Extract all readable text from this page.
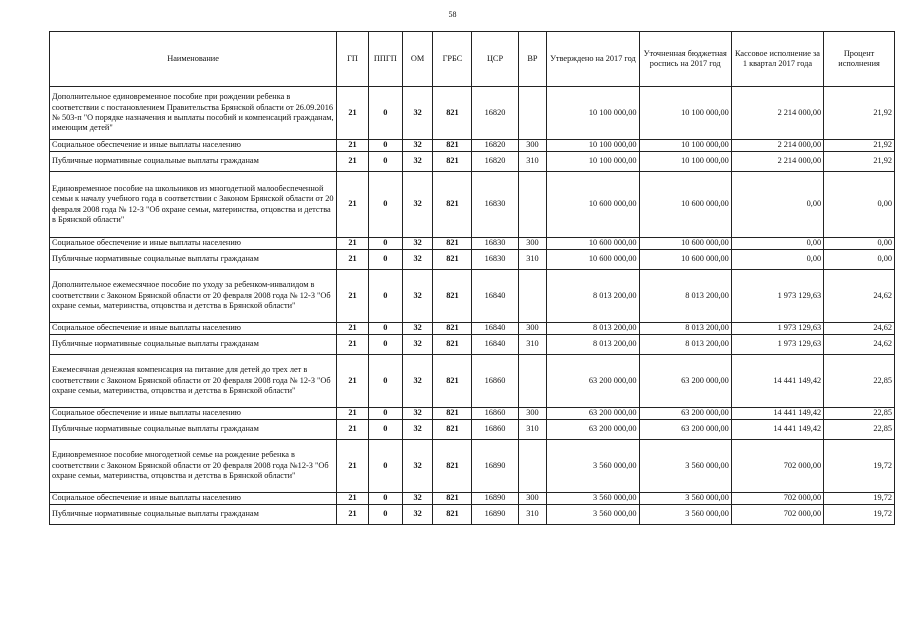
58
Наименование	ГП	ППГП	ОМ	ГРБС	ЦСР	ВР	Утверждено на 2017 год	Уточненная бюджетная роспись на 2017 год	Кассовое исполнение за 1 квартал 2017 года	Процент исполнения
Дополнительное единовременное пособие при рождении ребенка в соответствии с постановлением Правительства Брянской области от 26.09.2016 № 503-п "О порядке назначения и выплаты пособий и компенсаций гражданам, имеющим детей"	21	0	32	821	16820		10 100 000,00	10 100 000,00	2 214 000,00	21,92
Социальное обеспечение и иные выплаты населению	21	0	32	821	16820	300	10 100 000,00	10 100 000,00	2 214 000,00	21,92
Публичные нормативные социальные выплаты гражданам	21	0	32	821	16820	310	10 100 000,00	10 100 000,00	2 214 000,00	21,92
Единовременное пособие на школьников из многодетной малообеспеченной семьи к началу учебного года в соответствии с Законом Брянской области от 20 февраля 2008 года № 12-З "Об охране семьи, материнства, отцовства и детства в Брянской области"	21	0	32	821	16830		10 600 000,00	10 600 000,00	0,00	0,00
Социальное обеспечение и иные выплаты населению	21	0	32	821	16830	300	10 600 000,00	10 600 000,00	0,00	0,00
Публичные нормативные социальные выплаты гражданам	21	0	32	821	16830	310	10 600 000,00	10 600 000,00	0,00	0,00
Дополнительное ежемесячное пособие по уходу за ребенком-инвалидом в соответствии с Законом Брянской области от 20 февраля 2008 года № 12-З "Об охране семьи, материнства, отцовства и детства в Брянской области"	21	0	32	821	16840		8 013 200,00	8 013 200,00	1 973 129,63	24,62
Социальное обеспечение и иные выплаты населению	21	0	32	821	16840	300	8 013 200,00	8 013 200,00	1 973 129,63	24,62
Публичные нормативные социальные выплаты гражданам	21	0	32	821	16840	310	8 013 200,00	8 013 200,00	1 973 129,63	24,62
Ежемесячная денежная компенсация на питание для детей до трех лет в соответствии с Законом Брянской области от 20 февраля 2008 года № 12-З "Об охране семьи, материнства, отцовства и детства в Брянской области"	21	0	32	821	16860		63 200 000,00	63 200 000,00	14 441 149,42	22,85
Социальное обеспечение и иные выплаты населению	21	0	32	821	16860	300	63 200 000,00	63 200 000,00	14 441 149,42	22,85
Публичные нормативные социальные выплаты гражданам	21	0	32	821	16860	310	63 200 000,00	63 200 000,00	14 441 149,42	22,85
Единовременное пособие многодетной семье на рождение ребенка в соответствии с Законом Брянской области от 20 февраля 2008 года №12-З "Об охране семьи, материнства, отцовства и детства в Брянской области"	21	0	32	821	16890		3 560 000,00	3 560 000,00	702 000,00	19,72
Социальное обеспечение и иные выплаты населению	21	0	32	821	16890	300	3 560 000,00	3 560 000,00	702 000,00	19,72
Публичные нормативные социальные выплаты гражданам	21	0	32	821	16890	310	3 560 000,00	3 560 000,00	702 000,00	19,72
